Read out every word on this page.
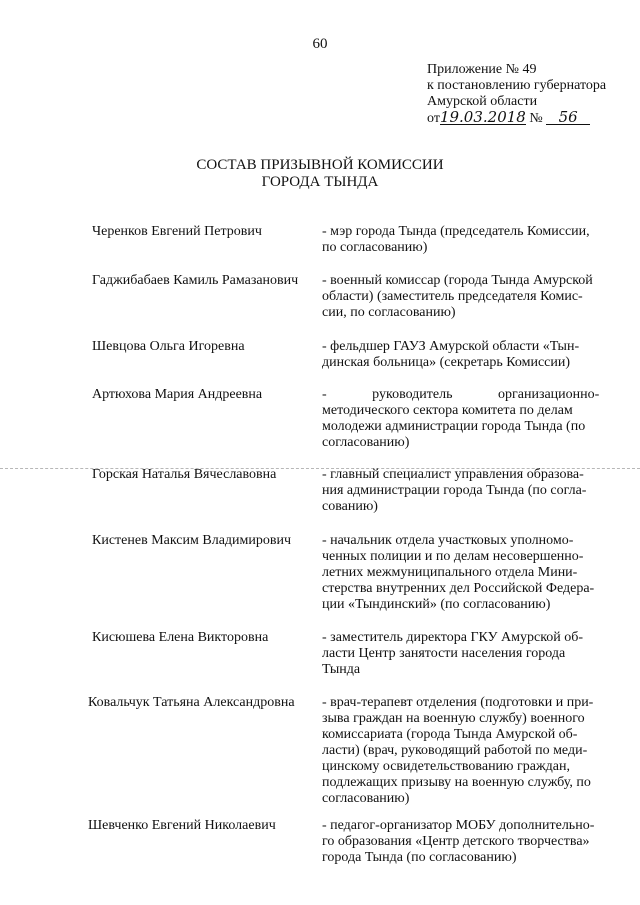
60
Приложение № 49
к постановлению губернатора
Амурской области
от19.03.2018 № 56
СОСТАВ ПРИЗЫВНОЙ КОМИССИИ
ГОРОДА ТЫНДА
Черенков Евгений Петрович	- мэр города Тында (председатель Комиссии,
по согласованию)
Гаджибабаев Камиль Рамазанович - военный комиссар (города Тында Амурской
области) (заместитель председателя Комис-
сии, по согласованию)
Шевцова Ольга Игоревна	- фельдшер ГАУЗ Амурской области «Тын-
динская больница» (секретарь Комиссии)
Артюхова Мария Андреевна	- руководитель организационно-
методического сектора комитета по делам
молодежи администрации города Тында (по
согласованию)
Горская Наталья Вячеславовна	- главный специалист управления образова-
ния администрации города Тында (по согла-
сованию)
Кистенев Максим Владимирович - начальник отдела участковых уполномо-
ченных полиции и по делам несовершенно-
летних межмуниципального отдела Мини-
стерства внутренних дел Российской Федера-
ции «Тындинский» (по согласованию)
Кисюшева Елена Викторовна	- заместитель директора ГКУ Амурской об-
ласти Центр занятости населения города
Тында
Ковальчук Татьяна Александровна - врач-терапевт отделения (подготовки и при-
зыва граждан на военную службу) военного
комиссариата (города Тында Амурской об-
ласти) (врач, руководящий работой по меди-
цинскому освидетельствованию граждан,
подлежащих призыву на военную службу, по
согласованию)
Шевченко Евгений Николаевич	- педагог-организатор МОБУ дополнительно-
го образования «Центр детского творчества»
города Тында (по согласованию)
